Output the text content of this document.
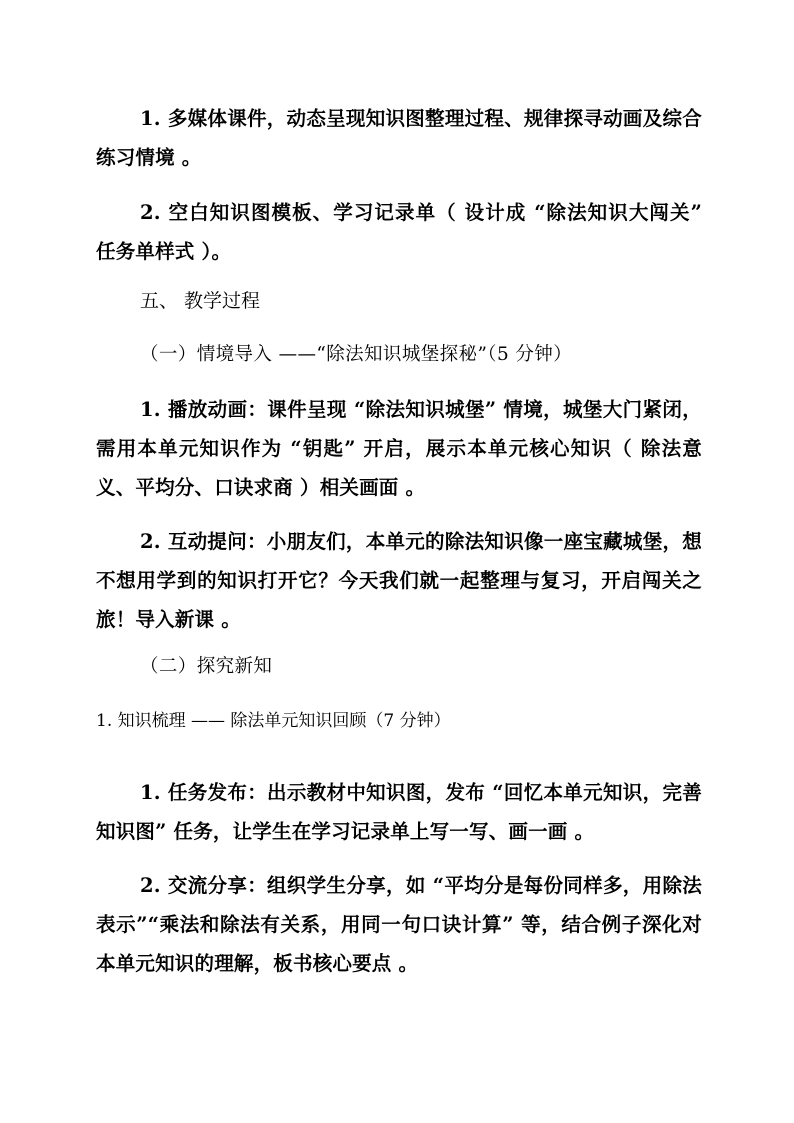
1. 多媒体课件，动态呈现知识图整理过程、规律探寻动画及综合练习情境 。

2. 空白知识图模板、学习记录单（ 设计成 “除法知识大闯关” 任务单样式 ）。

五、 教学过程

（一）情境导入 ——“除法知识城堡探秘”（5 分钟）

1. 播放动画：课件呈现 “除法知识城堡” 情境，城堡大门紧闭，需用本单元知识作为 “钥匙” 开启，展示本单元核心知识（ 除法意义、平均分、口诀求商 ）相关画面 。

2. 互动提问：小朋友们，本单元的除法知识像一座宝藏城堡，想不想用学到的知识打开它？今天我们就一起整理与复习，开启闯关之旅！导入新课 。

（二）探究新知

1. 知识梳理 —— 除法单元知识回顾（7 分钟）

1. 任务发布：出示教材中知识图，发布 “回忆本单元知识，完善知识图” 任务，让学生在学习记录单上写一写、画一画 。

2. 交流分享：组织学生分享，如 “平均分是每份同样多，用除法表示”“乘法和除法有关系，用同一句口诀计算” 等，结合例子深化对本单元知识的理解，板书核心要点 。
